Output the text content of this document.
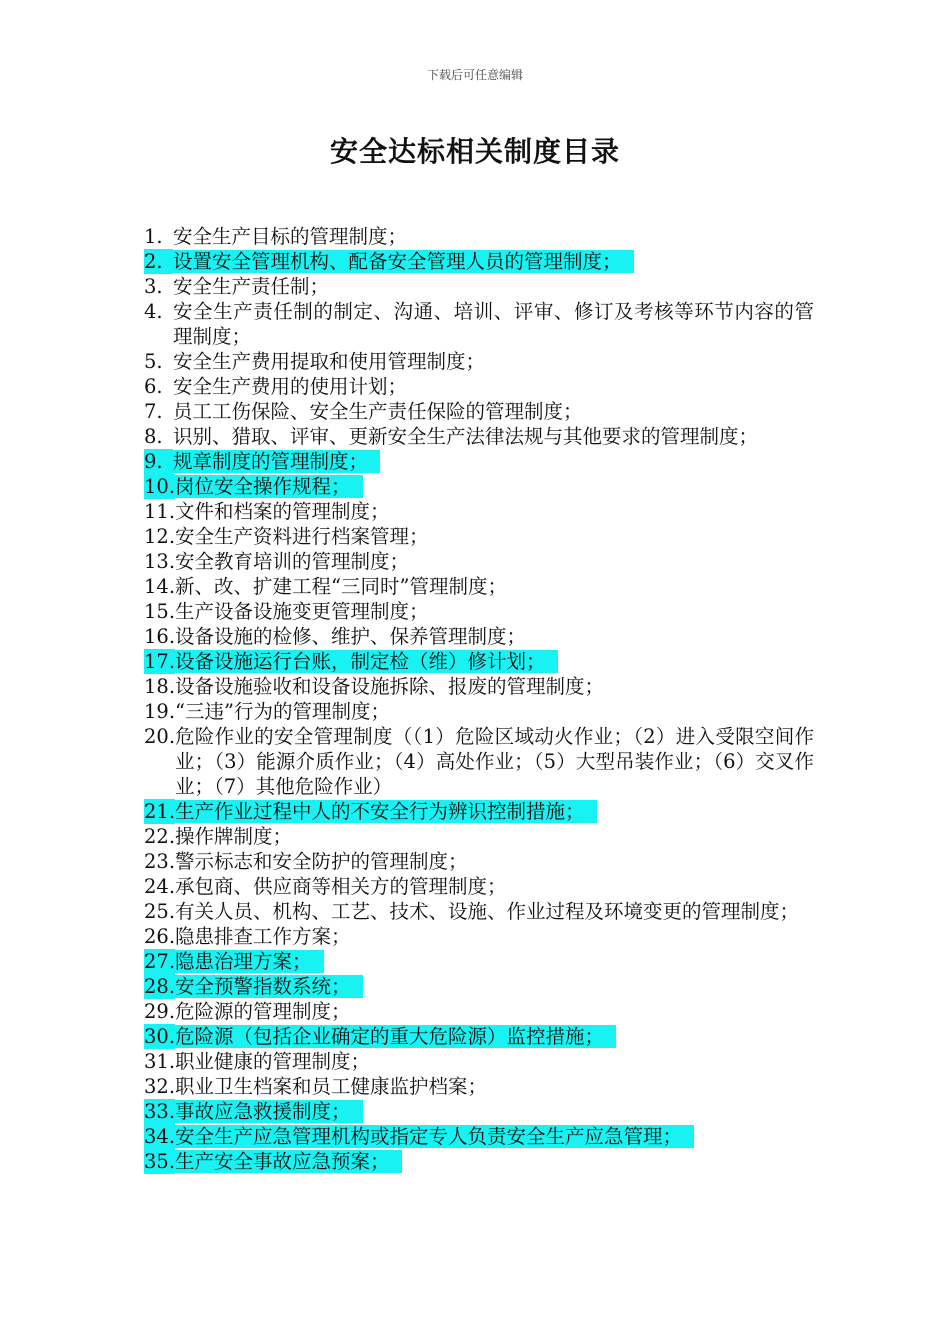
下载后可任意编辑
安全达标相关制度目录
1. 安全生产目标的管理制度；
2. 设置安全管理机构、配备安全管理人员的管理制度；
3. 安全生产责任制；
4. 安全生产责任制的制定、沟通、培训、评审、修订及考核等环节内容的管理制度；
5. 安全生产费用提取和使用管理制度；
6. 安全生产费用的使用计划；
7. 员工工伤保险、安全生产责任保险的管理制度；
8. 识别、猎取、评审、更新安全生产法律法规与其他要求的管理制度；
9. 规章制度的管理制度；
10. 岗位安全操作规程；
11. 文件和档案的管理制度；
12. 安全生产资料进行档案管理；
13. 安全教育培训的管理制度；
14. 新、改、扩建工程“三同时”管理制度；
15. 生产设备设施变更管理制度；
16. 设备设施的检修、维护、保养管理制度；
17. 设备设施运行台账，制定检（维）修计划；
18. 设备设施验收和设备设施拆除、报废的管理制度；
19. “三违”行为的管理制度；
20. 危险作业的安全管理制度（（1）危险区域动火作业；（2）进入受限空间作业；（3）能源介质作业；（4）高处作业；（5）大型吊装作业；（6）交叉作业；（7）其他危险作业）
21. 生产作业过程中人的不安全行为辨识控制措施；
22. 操作牌制度；
23. 警示标志和安全防护的管理制度；
24. 承包商、供应商等相关方的管理制度；
25. 有关人员、机构、工艺、技术、设施、作业过程及环境变更的管理制度；
26. 隐患排查工作方案；
27. 隐患治理方案；
28. 安全预警指数系统；
29. 危险源的管理制度；
30. 危险源（包括企业确定的重大危险源）监控措施；
31. 职业健康的管理制度；
32. 职业卫生档案和员工健康监护档案；
33. 事故应急救援制度；
34. 安全生产应急管理机构或指定专人负责安全生产应急管理；
35. 生产安全事故应急预案；
